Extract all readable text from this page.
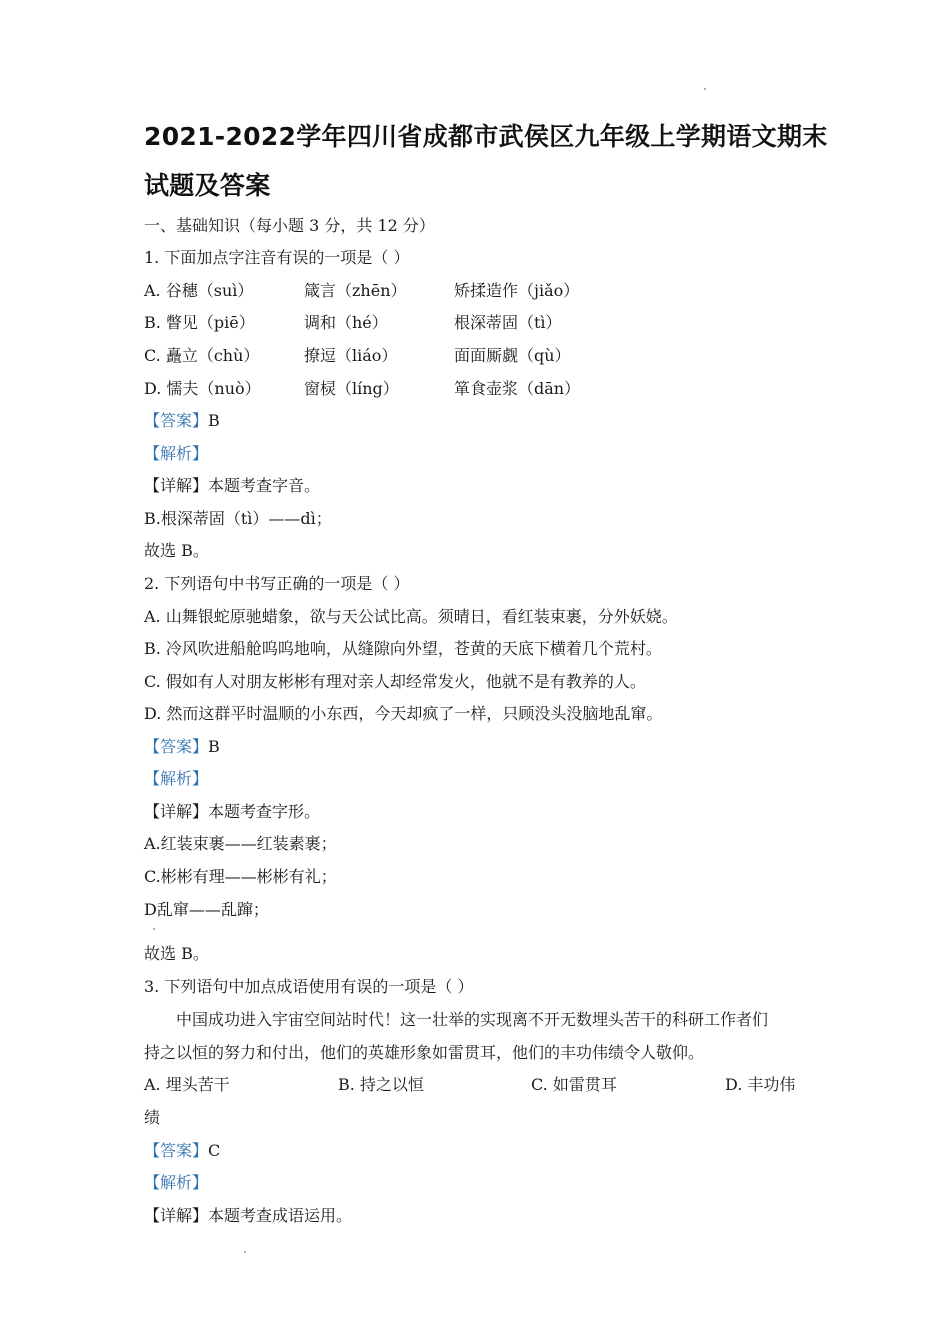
2021-2022学年四川省成都市武侯区九年级上学期语文期末
试题及答案
一、基础知识（每小题 3 分，共 12 分）
1. 下面加点字注音有误的一项是（ ）
A. 谷穗（suì）	箴言（zhēn）	矫揉造作（jiǎo）
B. 瞥见（piē）	调和（hé）	根深蒂固（tì）
C. 矗立（chù）	撩逗（liáo）	面面厮觑（qù）
D. 懦夫（nuò）	窗棂（líng）	箪食壶浆（dān）
【答案】B
【解析】
【详解】本题考查字音。
B.根深蒂固（tì）——dì；
故选 B。
2. 下列语句中书写正确的一项是（ ）
A. 山舞银蛇原驰蜡象，欲与天公试比高。须晴日，看红装束裹，分外妖娆。
B. 冷风吹进船舱呜呜地响，从缝隙向外望，苍黄的天底下横着几个荒村。
C. 假如有人对朋友彬彬有理对亲人却经常发火，他就不是有教养的人。
D. 然而这群平时温顺的小东西，今天却疯了一样，只顾没头没脑地乱窜。
【答案】B
【解析】
【详解】本题考查字形。
A.红装束裹——红装素裹；
C.彬彬有理——彬彬有礼；
D乱窜——乱蹿；
故选 B。
3. 下列语句中加点成语使用有误的一项是（ ）
中国成功进入宇宙空间站时代！这一壮举的实现离不开无数埋头苦干的科研工作者们
持之以恒的努力和付出，他们的英雄形象如雷贯耳，他们的丰功伟绩令人敬仰。
A. 埋头苦干	B. 持之以恒	C. 如雷贯耳	D. 丰功伟
绩
【答案】C
【解析】
【详解】本题考查成语运用。
